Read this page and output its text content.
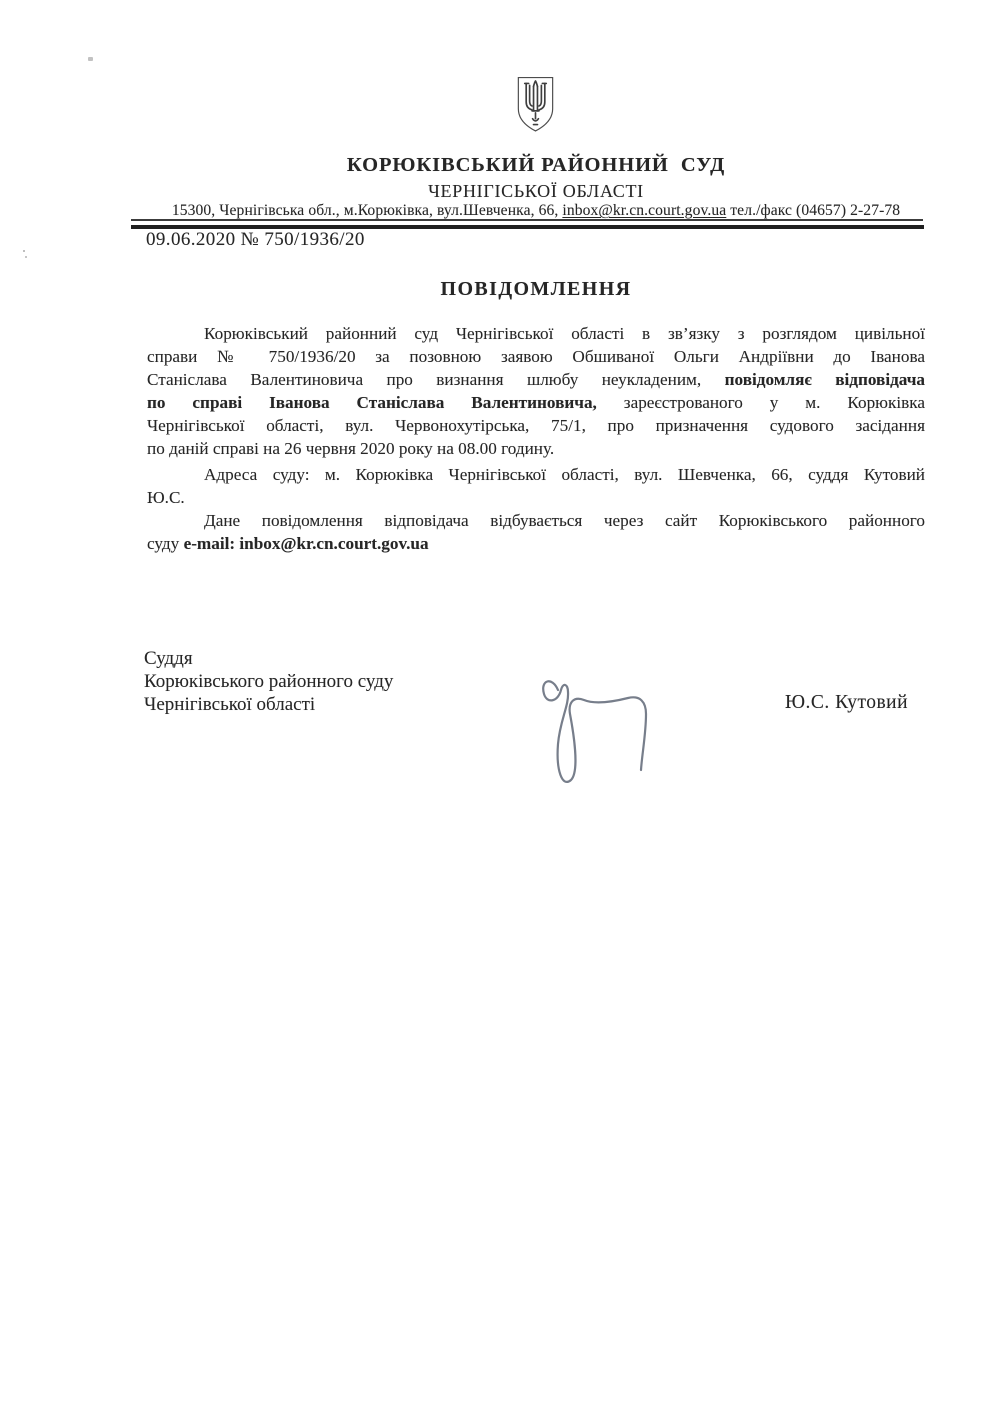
КОРЮКІВСЬКИЙ РАЙОННИЙ  СУД
ЧЕРНІГІСЬКОЇ ОБЛАСТІ
15300, Чернігівська обл., м.Корюківка, вул.Шевченка, 66, inbox@kr.cn.court.gov.ua тел./факс (04657) 2-27-78
09.06.2020 № 750/1936/20
ПОВІДОМЛЕННЯ
Корюківський районний суд Чернігівської області в зв’язку з розглядом цивільної
справи № 750/1936/20 за позовною заявою Обшиваної Ольги Андріївни до Іванова
Станіслава Валентиновича про визнання шлюбу неукладеним, повідомляє відповідача
по справі Іванова Станіслава Валентиновича, зареєстрованого у м. Корюківка
Чернігівської області, вул. Червонохутірська, 75/1, про призначення судового засідання
по даній справі на 26 червня 2020 року на 08.00 годину.
Адреса суду: м. Корюківка Чернігівської області, вул. Шевченка, 66, суддя Кутовий
Ю.С.
Дане повідомлення відповідача відбувається через сайт Корюківського районного
суду e-mail: inbox@kr.cn.court.gov.ua
Суддя
Корюківського районного суду
Чернігівської області	Ю.С. Кутовий
